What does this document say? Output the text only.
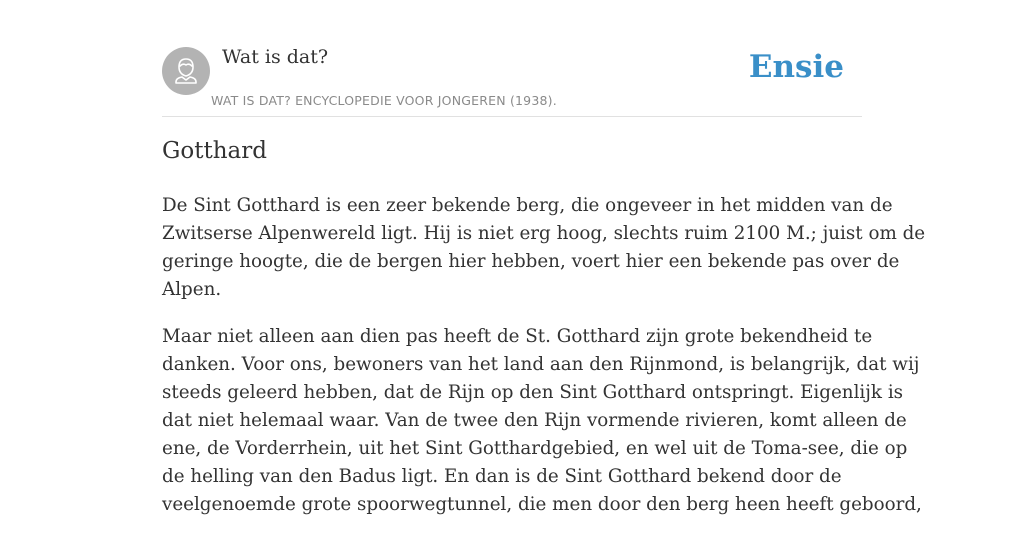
Wat is dat?
WAT IS DAT? ENCYCLOPEDIE VOOR JONGEREN (1938).
Ensie
Gotthard

De Sint Gotthard is een zeer bekende berg, die ongeveer in het midden van de
Zwitserse Alpenwereld ligt. Hij is niet erg hoog, slechts ruim 2100 M.; juist om de
geringe hoogte, die de bergen hier hebben, voert hier een bekende pas over de
Alpen.

Maar niet alleen aan dien pas heeft de St. Gotthard zijn grote bekendheid te
danken. Voor ons, bewoners van het land aan den Rijnmond, is belangrijk, dat wij
steeds geleerd hebben, dat de Rijn op den Sint Gotthard ontspringt. Eigenlijk is
dat niet helemaal waar. Van de twee den Rijn vormende rivieren, komt alleen de
ene, de Vorderrhein, uit het Sint Gotthardgebied, en wel uit de Toma-see, die op
de helling van den Badus ligt. En dan is de Sint Gotthard bekend door de
veelgenoemde grote spoorwegtunnel, die men door den berg heen heeft geboord,
